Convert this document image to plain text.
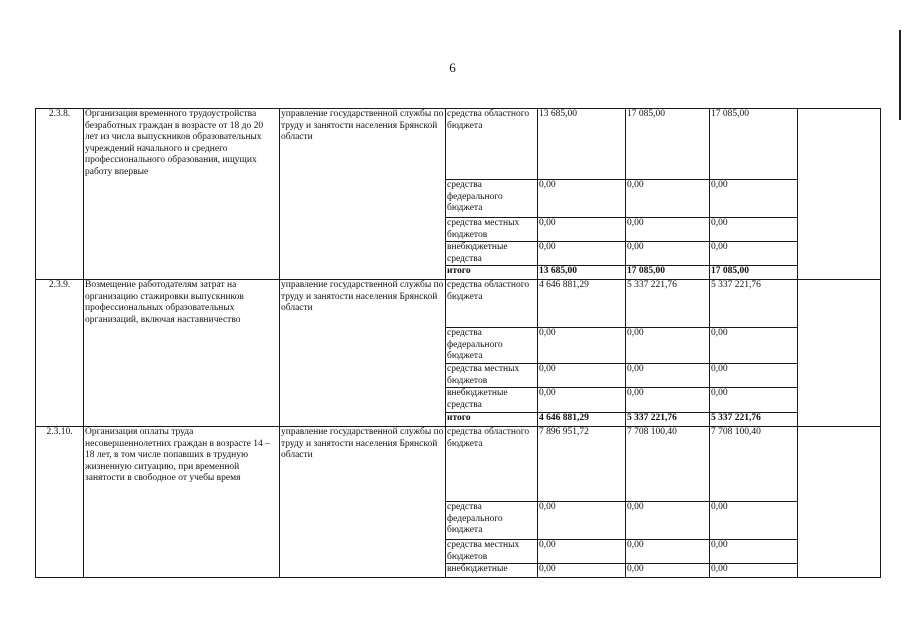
6
2.3.8.	Организация временного трудоустройства безработных граждан в возрасте от 18 до 20 лет из числа выпускников образовательных учреждений начального и среднего профессионального образования, ищущих работу впервые	управление государственной службы по труду и занятости населения Брянской области	средства областного бюджета	13 685,00	17 085,00	17 085,00	
			средства федерального бюджета	0,00	0,00	0,00	
			средства местных бюджетов	0,00	0,00	0,00	
			внебюджетные средства	0,00	0,00	0,00	
			итого	13 685,00	17 085,00	17 085,00	
2.3.9.	Возмещение работодателям затрат на организацию стажировки выпускников профессиональных образовательных организаций, включая наставничество	управление государственной службы по труду и занятости населения Брянской области	средства областного бюджета	4 646 881,29	5 337 221,76	5 337 221,76	
			средства федерального бюджета	0,00	0,00	0,00	
			средства местных бюджетов	0,00	0,00	0,00	
			внебюджетные средства	0,00	0,00	0,00	
			итого	4 646 881,29	5 337 221,76	5 337 221,76	
2.3.10.	Организация оплаты труда несовершеннолетних граждан в возрасте 14 – 18 лет, в том числе попавших в трудную жизненную ситуацию, при временной занятости в свободное от учебы время	управление государственной службы по труду и занятости населения Брянской области	средства областного бюджета	7 896 951,72	7 708 100,40	7 708 100,40	
			средства федерального бюджета	0,00	0,00	0,00	
			средства местных бюджетов	0,00	0,00	0,00	
			внебюджетные	0,00	0,00	0,00	
